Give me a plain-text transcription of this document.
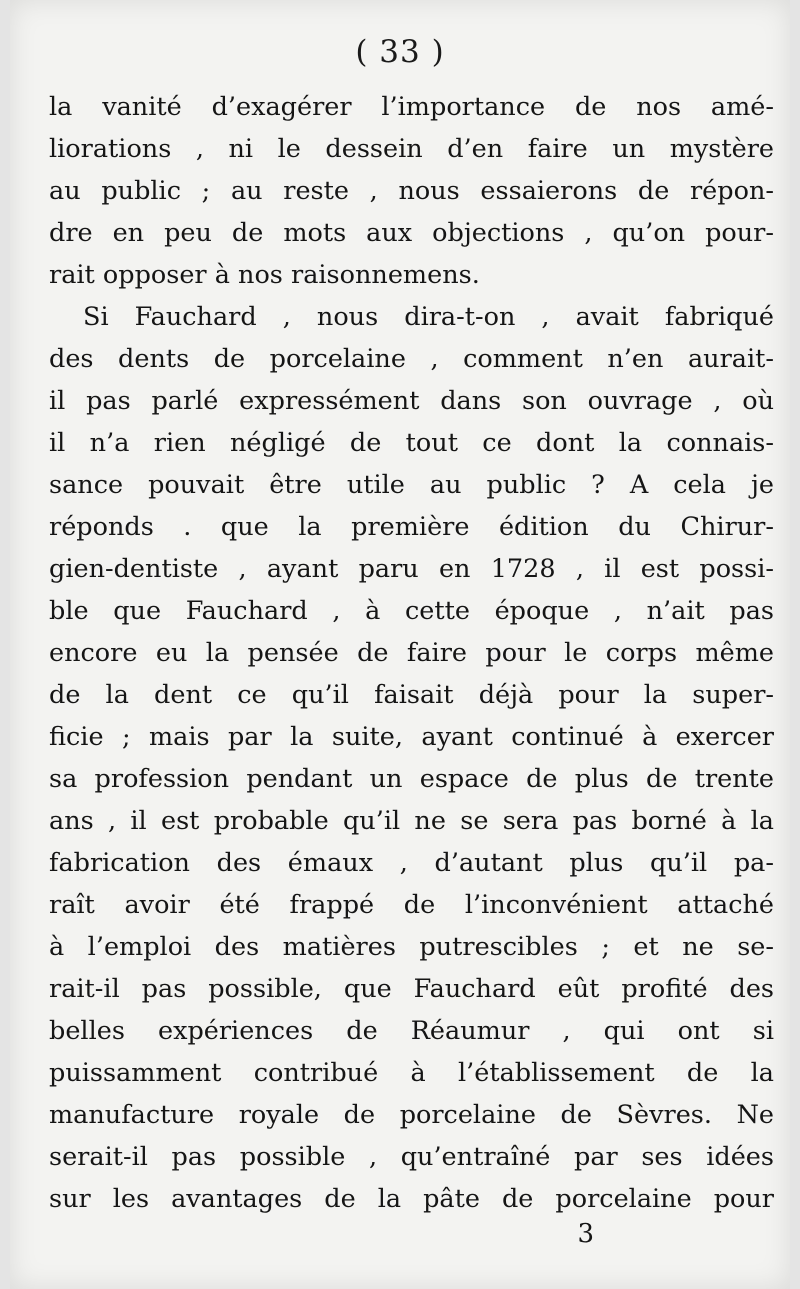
( 33 )
la vanité d’exagérer l’importance de nos amé-
liorations , ni le dessein d’en faire un mystère
au public ; au reste , nous essaierons de répon-
dre en peu de mots aux objections , qu’on pour-
rait opposer à nos raisonnemens.
Si Fauchard , nous dira-t-on , avait fabriqué
des dents de porcelaine , comment n’en aurait-
il pas parlé expressément dans son ouvrage , où
il n’a rien négligé de tout ce dont la connais-
sance pouvait être utile au public ? A cela je
réponds . que la première édition du Chirur-
gien-dentiste , ayant paru en 1728 , il est possi-
ble que Fauchard , à cette époque , n’ait pas
encore eu la pensée de faire pour le corps même
de la dent ce qu’il faisait déjà pour la super-
ficie ; mais par la suite, ayant continué à exercer
sa profession pendant un espace de plus de trente
ans , il est probable qu’il ne se sera pas borné à la
fabrication des émaux , d’autant plus qu’il pa-
raît avoir été frappé de l’inconvénient attaché
à l’emploi des matières putrescibles ; et ne se-
rait-il pas possible, que Fauchard eût profité des
belles expériences de Réaumur , qui ont si
puissamment contribué à l’établissement de la
manufacture royale de porcelaine de Sèvres. Ne
serait-il pas possible , qu’entraîné par ses idées
sur les avantages de la pâte de porcelaine pour
3
